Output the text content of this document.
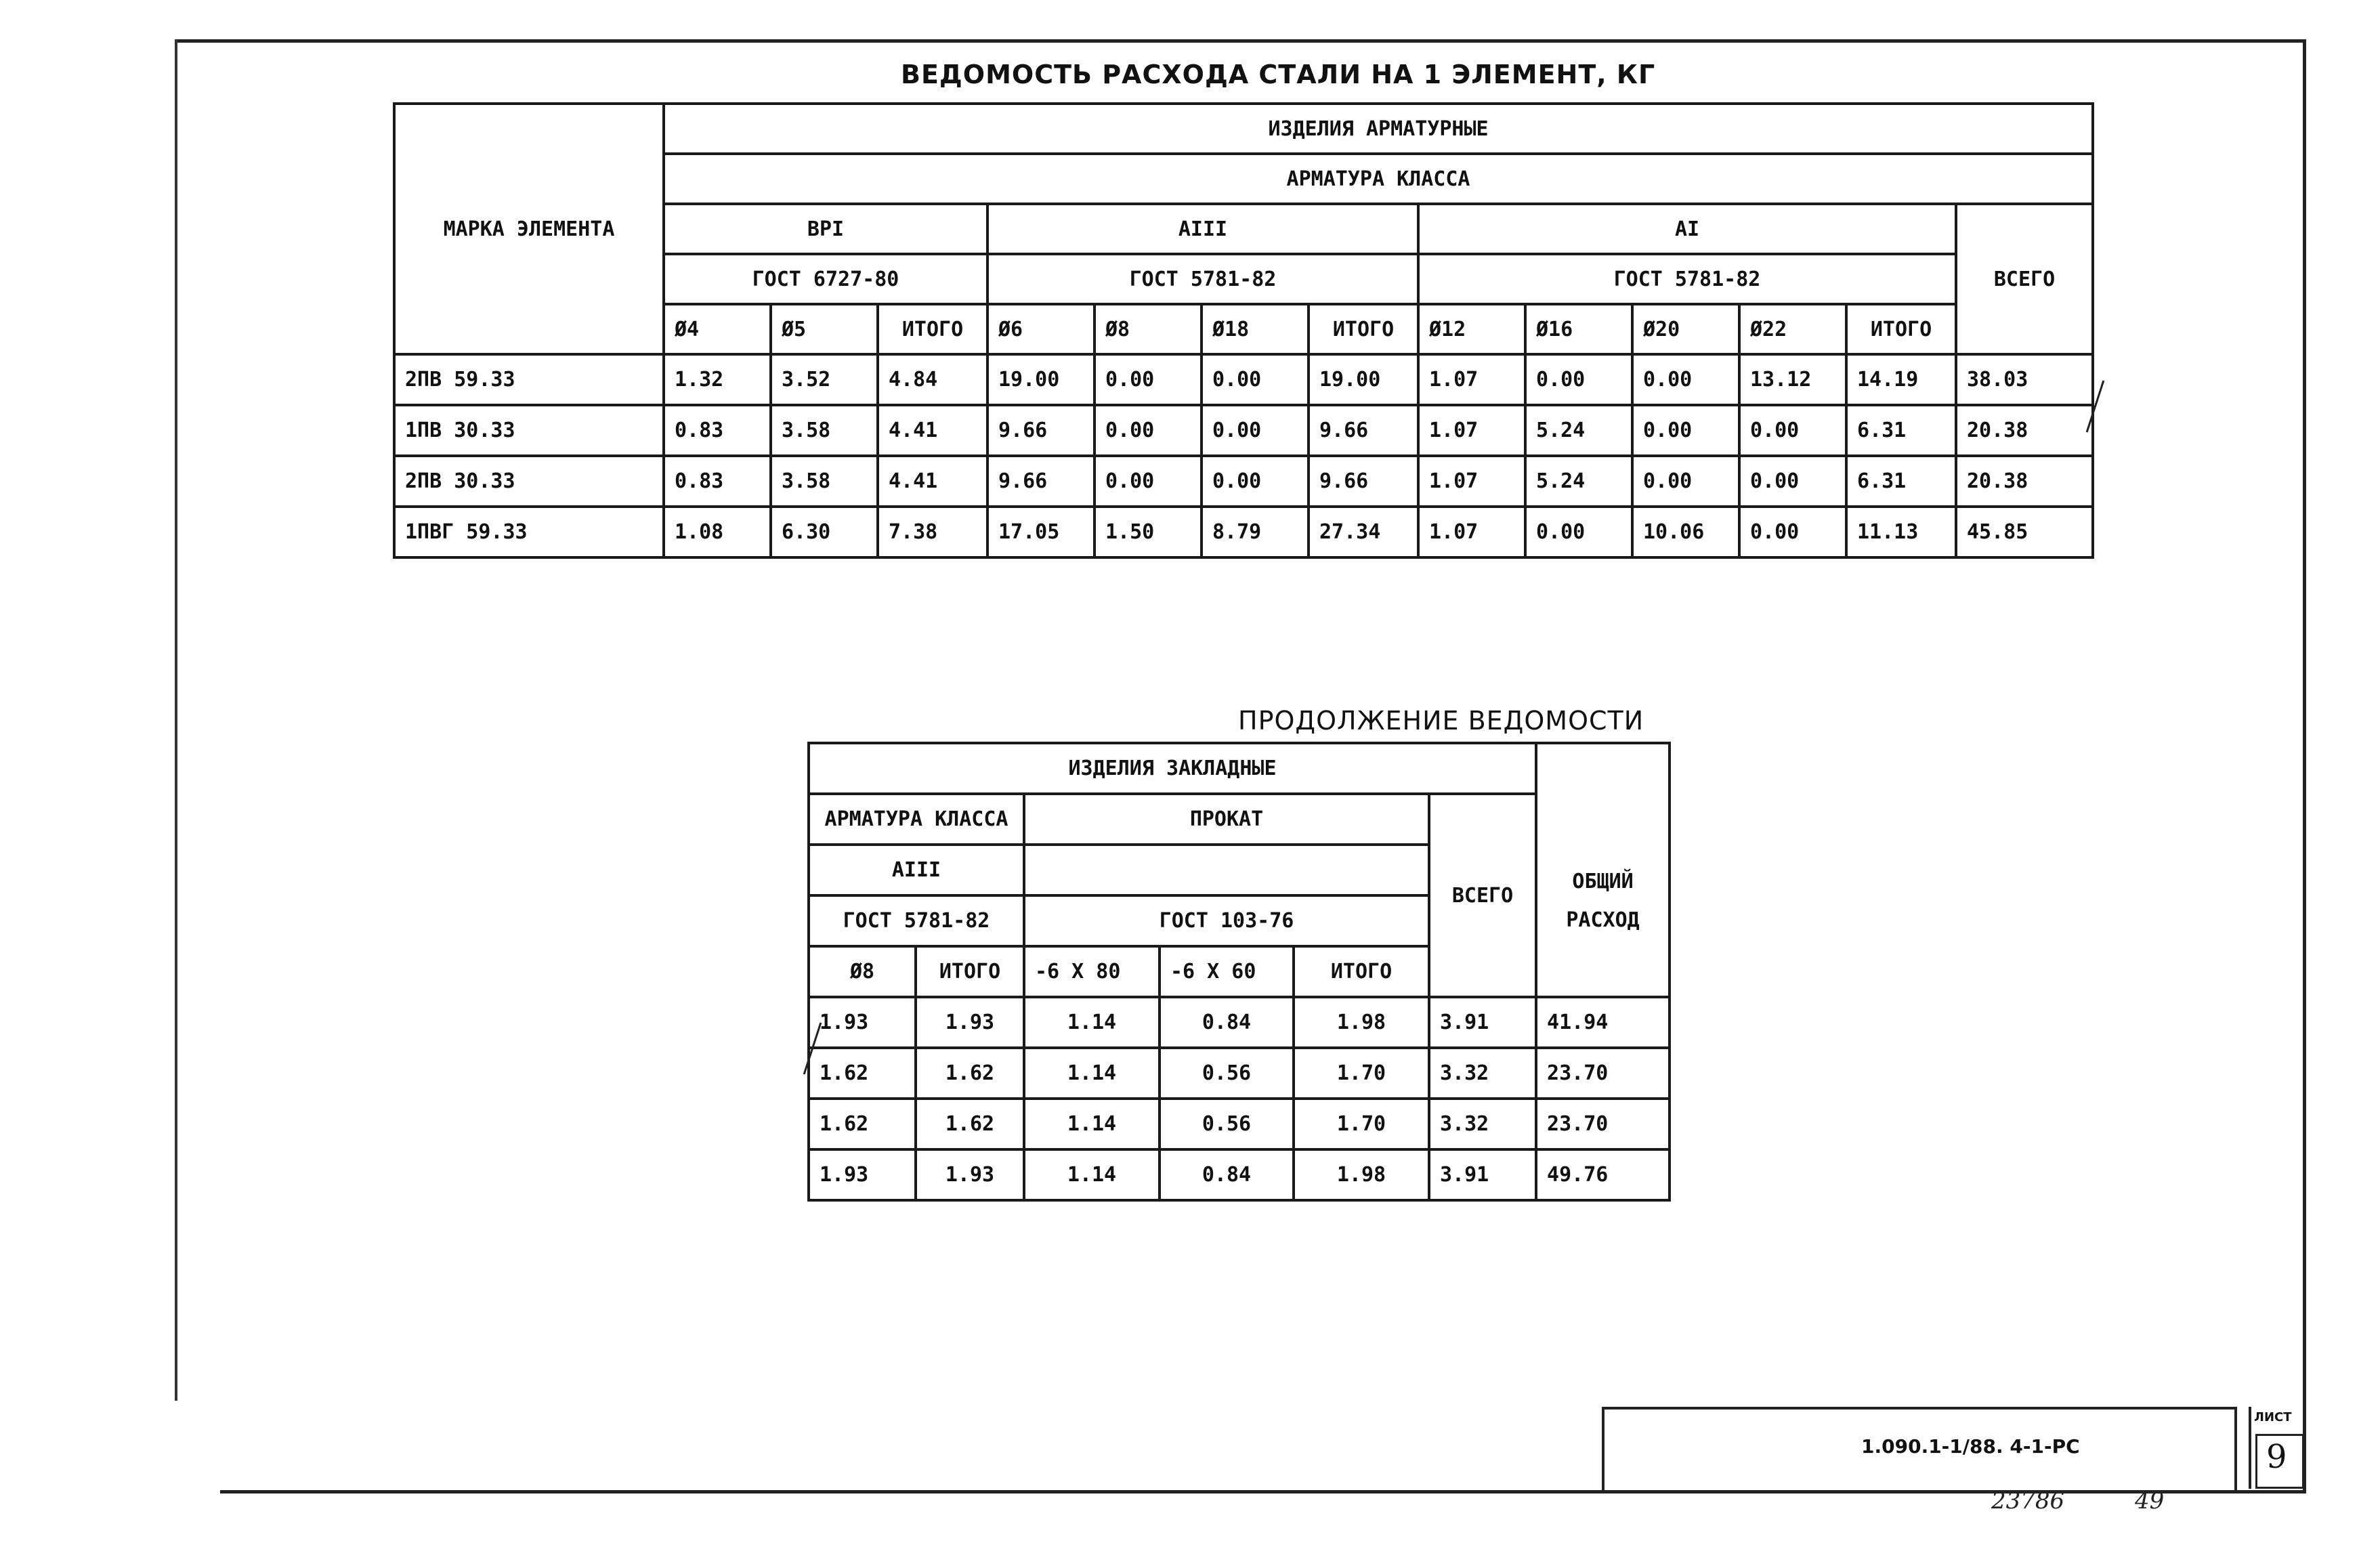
ВЕДОМОСТЬ РАСХОДА СТАЛИ НА 1 ЭЛЕМЕНТ, КГ
МАРКА ЭЛЕМЕНТА	ИЗДЕЛИЯ АРМАТУРНЫЕ												
	АРМАТУРА КЛАССА												
	ВРI			АIII				АI					ВСЕГО
	ГОСТ 6727-80			ГОСТ 5781-82				ГОСТ 5781-82					
	Ø4	Ø5	ИТОГО	Ø6	Ø8	Ø18	ИТОГО	Ø12	Ø16	Ø20	Ø22	ИТОГО	
2ПВ 59.33	1.32	3.52	4.84	19.00	0.00	0.00	19.00	1.07	0.00	0.00	13.12	14.19	38.03
1ПВ 30.33	0.83	3.58	4.41	9.66	0.00	0.00	9.66	1.07	5.24	0.00	0.00	6.31	20.38
2ПВ 30.33	0.83	3.58	4.41	9.66	0.00	0.00	9.66	1.07	5.24	0.00	0.00	6.31	20.38
1ПВГ 59.33	1.08	6.30	7.38	17.05	1.50	8.79	27.34	1.07	0.00	10.06	0.00	11.13	45.85
ПРОДОЛЖЕНИЕ ВЕДОМОСТИ
ИЗДЕЛИЯ ЗАКЛАДНЫЕ						ОБЩИЙ
РАСХОД

АРМАТУРА КЛАССА		ПРОКАТ			ВСЕГО	
АIII						
ГОСТ 5781-82		ГОСТ 103-76				
Ø8	ИТОГО	-6 Х 80	-6 Х 60	ИТОГО		
1.93	1.93	1.14	0.84	1.98	3.91	41.94
1.62	1.62	1.14	0.56	1.70	3.32	23.70
1.62	1.62	1.14	0.56	1.70	3.32	23.70
1.93	1.93	1.14	0.84	1.98	3.91	49.76
1.090.1-1/88. 4-1-РС
ЛИСТ
9
23786	49
